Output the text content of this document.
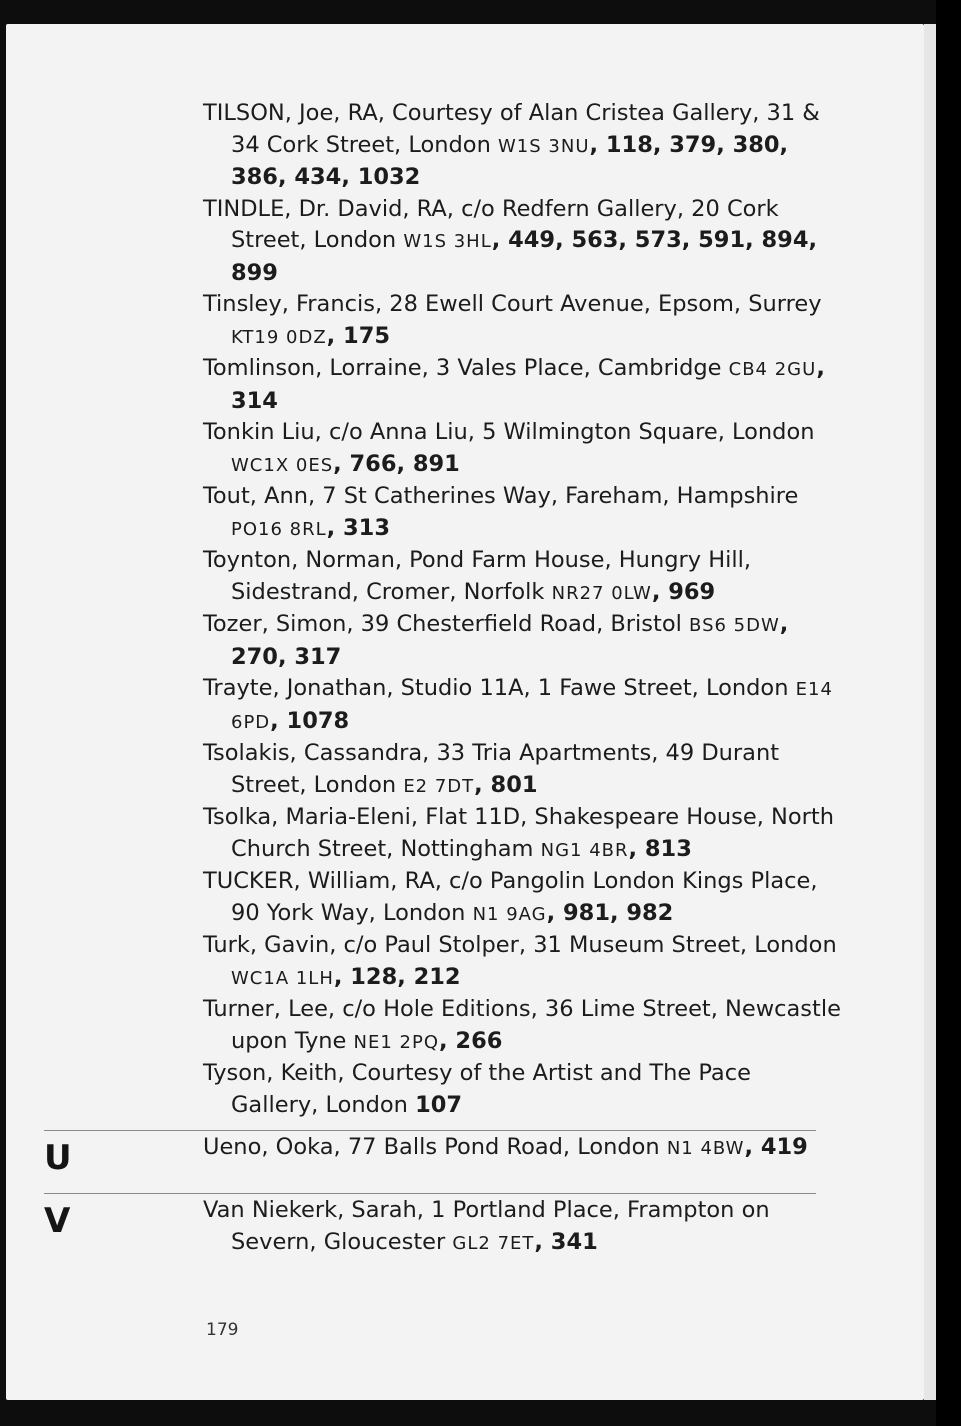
TILSON, Joe, RA, Courtesy of Alan Cristea Gallery, 31 & 34 Cork Street, London W1S 3NU, 118, 379, 380, 386, 434, 1032
TINDLE, Dr. David, RA, c/o Redfern Gallery, 20 Cork Street, London W1S 3HL, 449, 563, 573, 591, 894, 899
Tinsley, Francis, 28 Ewell Court Avenue, Epsom, Surrey KT19 0DZ, 175
Tomlinson, Lorraine, 3 Vales Place, Cambridge CB4 2GU, 314
Tonkin Liu, c/o Anna Liu, 5 Wilmington Square, London WC1X 0ES, 766, 891
Tout, Ann, 7 St Catherines Way, Fareham, Hampshire PO16 8RL, 313
Toynton, Norman, Pond Farm House, Hungry Hill, Sidestrand, Cromer, Norfolk NR27 0LW, 969
Tozer, Simon, 39 Chesterfield Road, Bristol BS6 5DW, 270, 317
Trayte, Jonathan, Studio 11A, 1 Fawe Street, London E14 6PD, 1078
Tsolakis, Cassandra, 33 Tria Apartments, 49 Durant Street, London E2 7DT, 801
Tsolka, Maria-Eleni, Flat 11D, Shakespeare House, North Church Street, Nottingham NG1 4BR, 813
TUCKER, William, RA, c/o Pangolin London Kings Place, 90 York Way, London N1 9AG, 981, 982
Turk, Gavin, c/o Paul Stolper, 31 Museum Street, London WC1A 1LH, 128, 212
Turner, Lee, c/o Hole Editions, 36 Lime Street, Newcastle upon Tyne NE1 2PQ, 266
Tyson, Keith, Courtesy of the Artist and The Pace Gallery, London 107
U	Ueno, Ooka, 77 Balls Pond Road, London N1 4BW, 419
V	Van Niekerk, Sarah, 1 Portland Place, Frampton on Severn, Gloucester GL2 7ET, 341
179
